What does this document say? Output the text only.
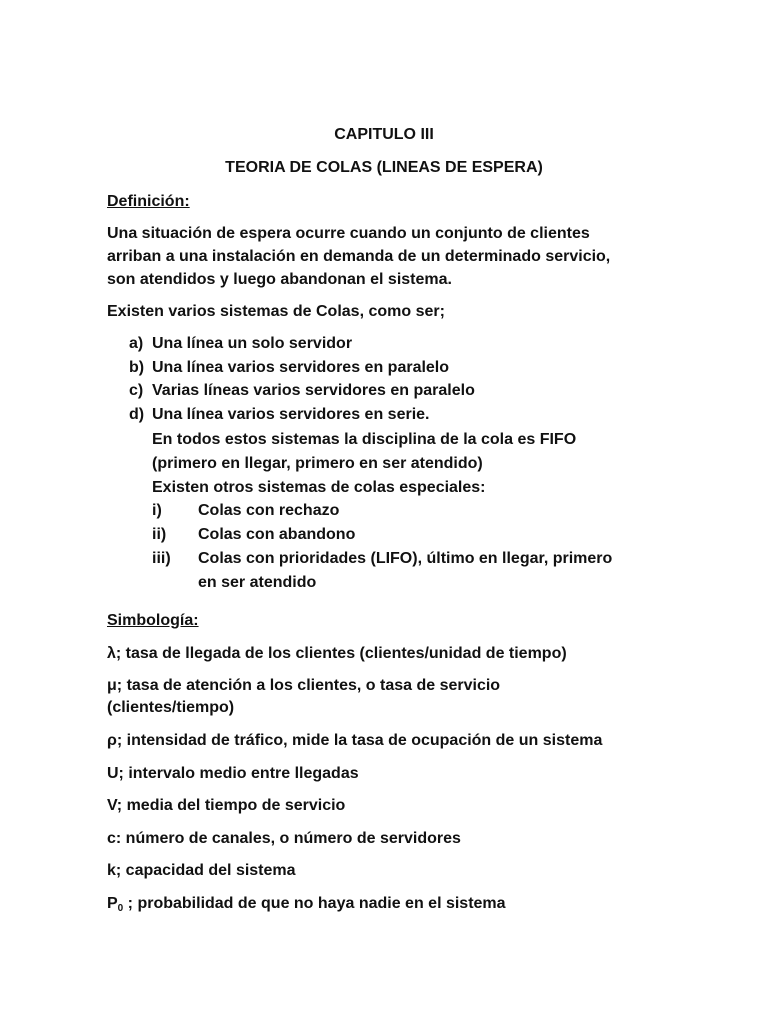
CAPITULO III
TEORIA DE COLAS (LINEAS DE ESPERA)
Definición:
Una situación de espera ocurre cuando un conjunto de clientes
arriban a una instalación en demanda de un determinado servicio,
son atendidos y luego abandonan el sistema.
Existen varios sistemas de Colas, como ser;
a) Una línea un solo servidor
b) Una línea varios servidores en paralelo
c) Varias líneas varios servidores en paralelo
d) Una línea varios servidores en serie.
En todos estos sistemas la disciplina de la cola es FIFO
(primero en llegar, primero en ser atendido)
Existen otros sistemas de colas especiales:
i) Colas con rechazo
ii) Colas con abandono
iii) Colas con prioridades (LIFO), último en llegar, primero
en ser atendido
Simbología:
λ; tasa de llegada de los clientes (clientes/unidad de tiempo)
μ; tasa de atención a los clientes, o tasa de servicio
(clientes/tiempo)
ρ; intensidad de tráfico, mide la tasa de ocupación de un sistema
U; intervalo medio entre llegadas
V; media del tiempo de servicio
c: número de canales, o número de servidores
k; capacidad del sistema
$P_0$ ; probabilidad de que no haya nadie en el sistema
